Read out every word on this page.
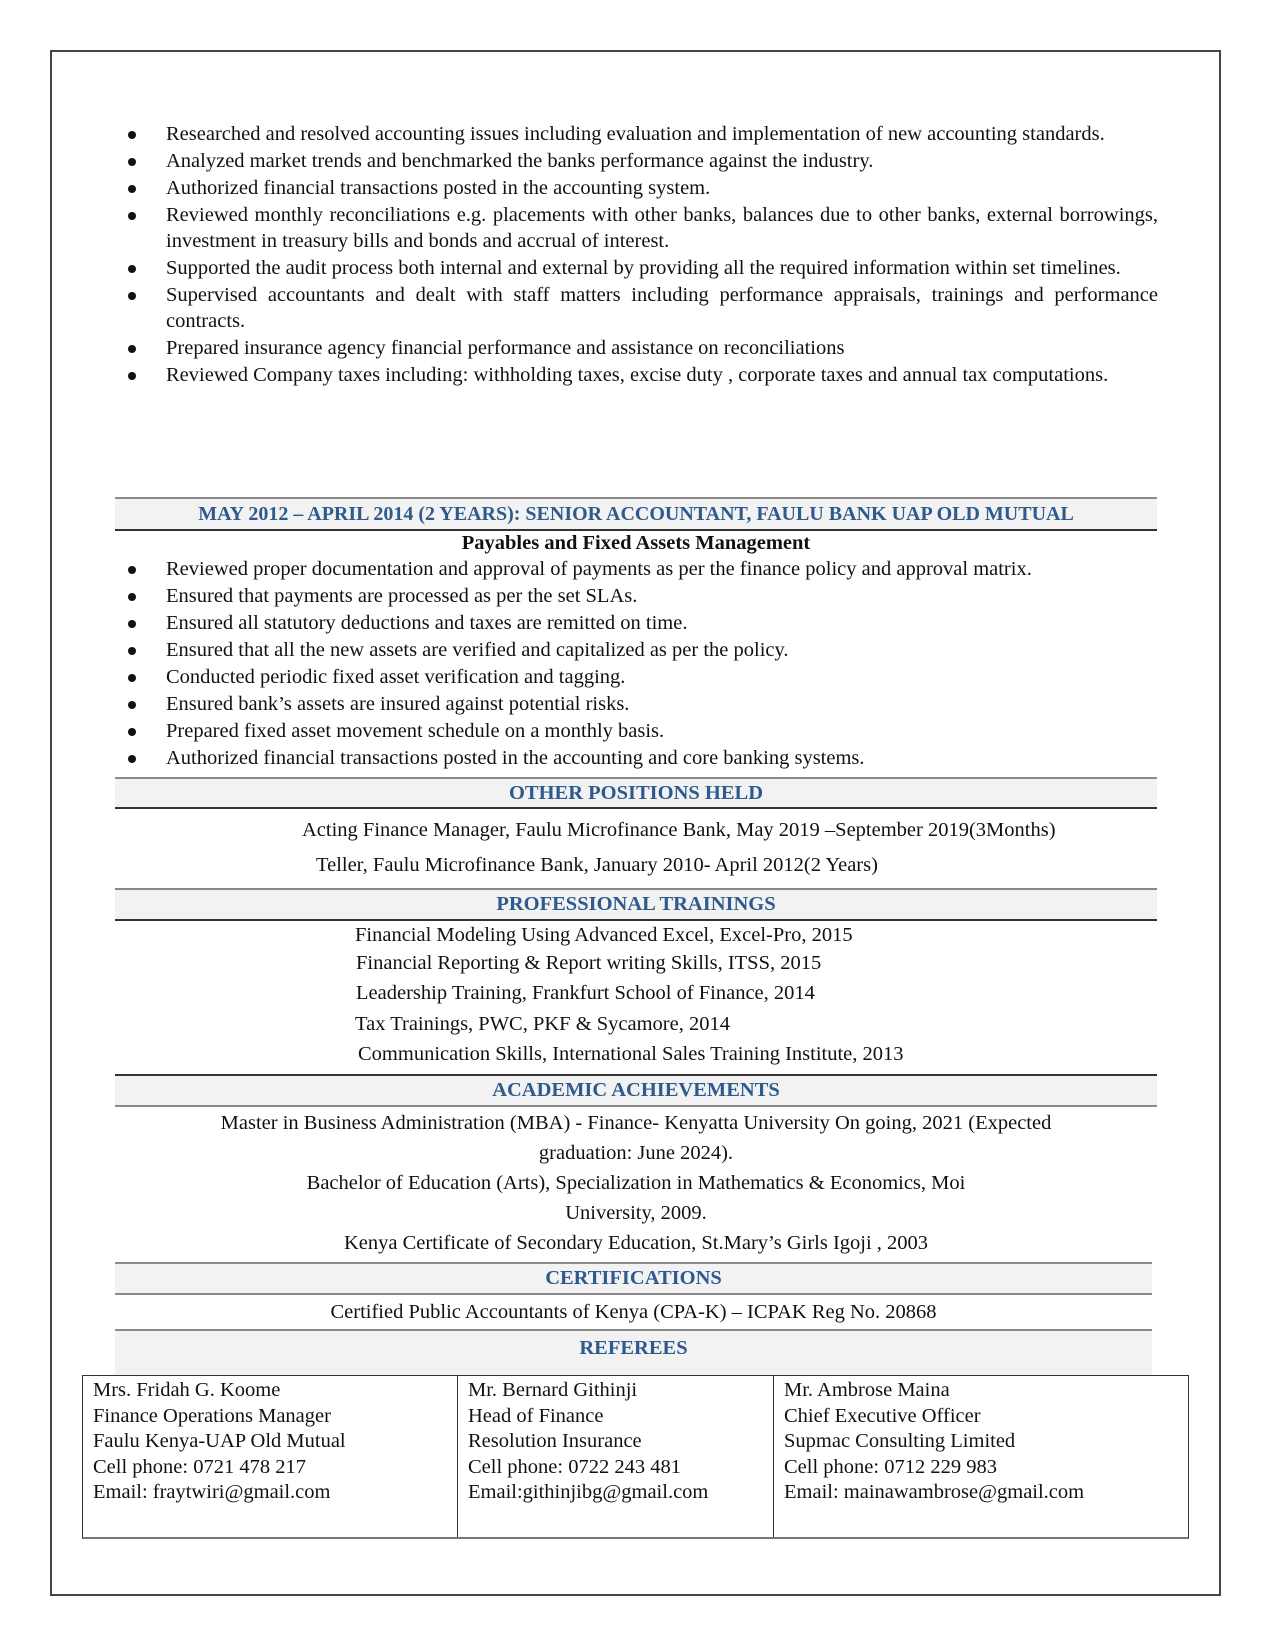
Researched and resolved accounting issues including evaluation and implementation of new accounting standards.
Analyzed market trends and benchmarked the banks performance against the industry.
Authorized financial transactions posted in the accounting system.
Reviewed monthly reconciliations e.g. placements with other banks, balances due to other banks, external borrowings, investment in treasury bills and bonds and accrual of interest.
Supported the audit process both internal and external by providing all the required information within set timelines.
Supervised accountants and dealt with staff matters including performance appraisals, trainings and performance contracts.
Prepared insurance agency financial performance and assistance on reconciliations
Reviewed Company taxes including: withholding taxes, excise duty , corporate taxes and annual tax computations.
MAY 2012 – APRIL 2014 (2 YEARS): SENIOR ACCOUNTANT, FAULU BANK UAP OLD MUTUAL
Payables and Fixed Assets Management
Reviewed proper documentation and approval of payments as per the finance policy and approval matrix.
Ensured that payments are processed as per the set SLAs.
Ensured all statutory deductions and taxes are remitted on time.
Ensured that all the new assets are verified and capitalized as per the policy.
Conducted periodic fixed asset verification and tagging.
Ensured bank’s assets are insured against potential risks.
Prepared fixed asset movement schedule on a monthly basis.
Authorized financial transactions posted in the accounting and core banking systems.
OTHER POSITIONS HELD
Acting Finance Manager, Faulu Microfinance Bank, May 2019 –September 2019(3Months)
Teller, Faulu Microfinance Bank, January 2010- April 2012(2 Years)
PROFESSIONAL TRAININGS
Financial Modeling Using Advanced Excel, Excel-Pro, 2015
Financial Reporting & Report writing Skills, ITSS, 2015
Leadership Training, Frankfurt School of Finance, 2014
Tax Trainings, PWC, PKF & Sycamore, 2014
Communication Skills, International Sales Training Institute, 2013
ACADEMIC ACHIEVEMENTS
Master in Business Administration (MBA) - Finance- Kenyatta University On going, 2021 (Expected
graduation: June 2024).
Bachelor of Education (Arts), Specialization in Mathematics & Economics, Moi
University, 2009.
Kenya Certificate of Secondary Education, St.Mary’s Girls Igoji , 2003
CERTIFICATIONS
Certified Public Accountants of Kenya (CPA-K) – ICPAK Reg No. 20868
REFEREES
Mrs. Fridah G. Koome
Finance Operations Manager
Faulu Kenya-UAP Old Mutual
Cell phone: 0721 478 217
Email: fraytwiri@gmail.com
Mr. Bernard Githinji
Head of Finance
Resolution Insurance
Cell phone: 0722 243 481
Email:githinjibg@gmail.com
Mr. Ambrose Maina
Chief Executive Officer
Supmac Consulting Limited
Cell phone: 0712 229 983
Email: mainawambrose@gmail.com
